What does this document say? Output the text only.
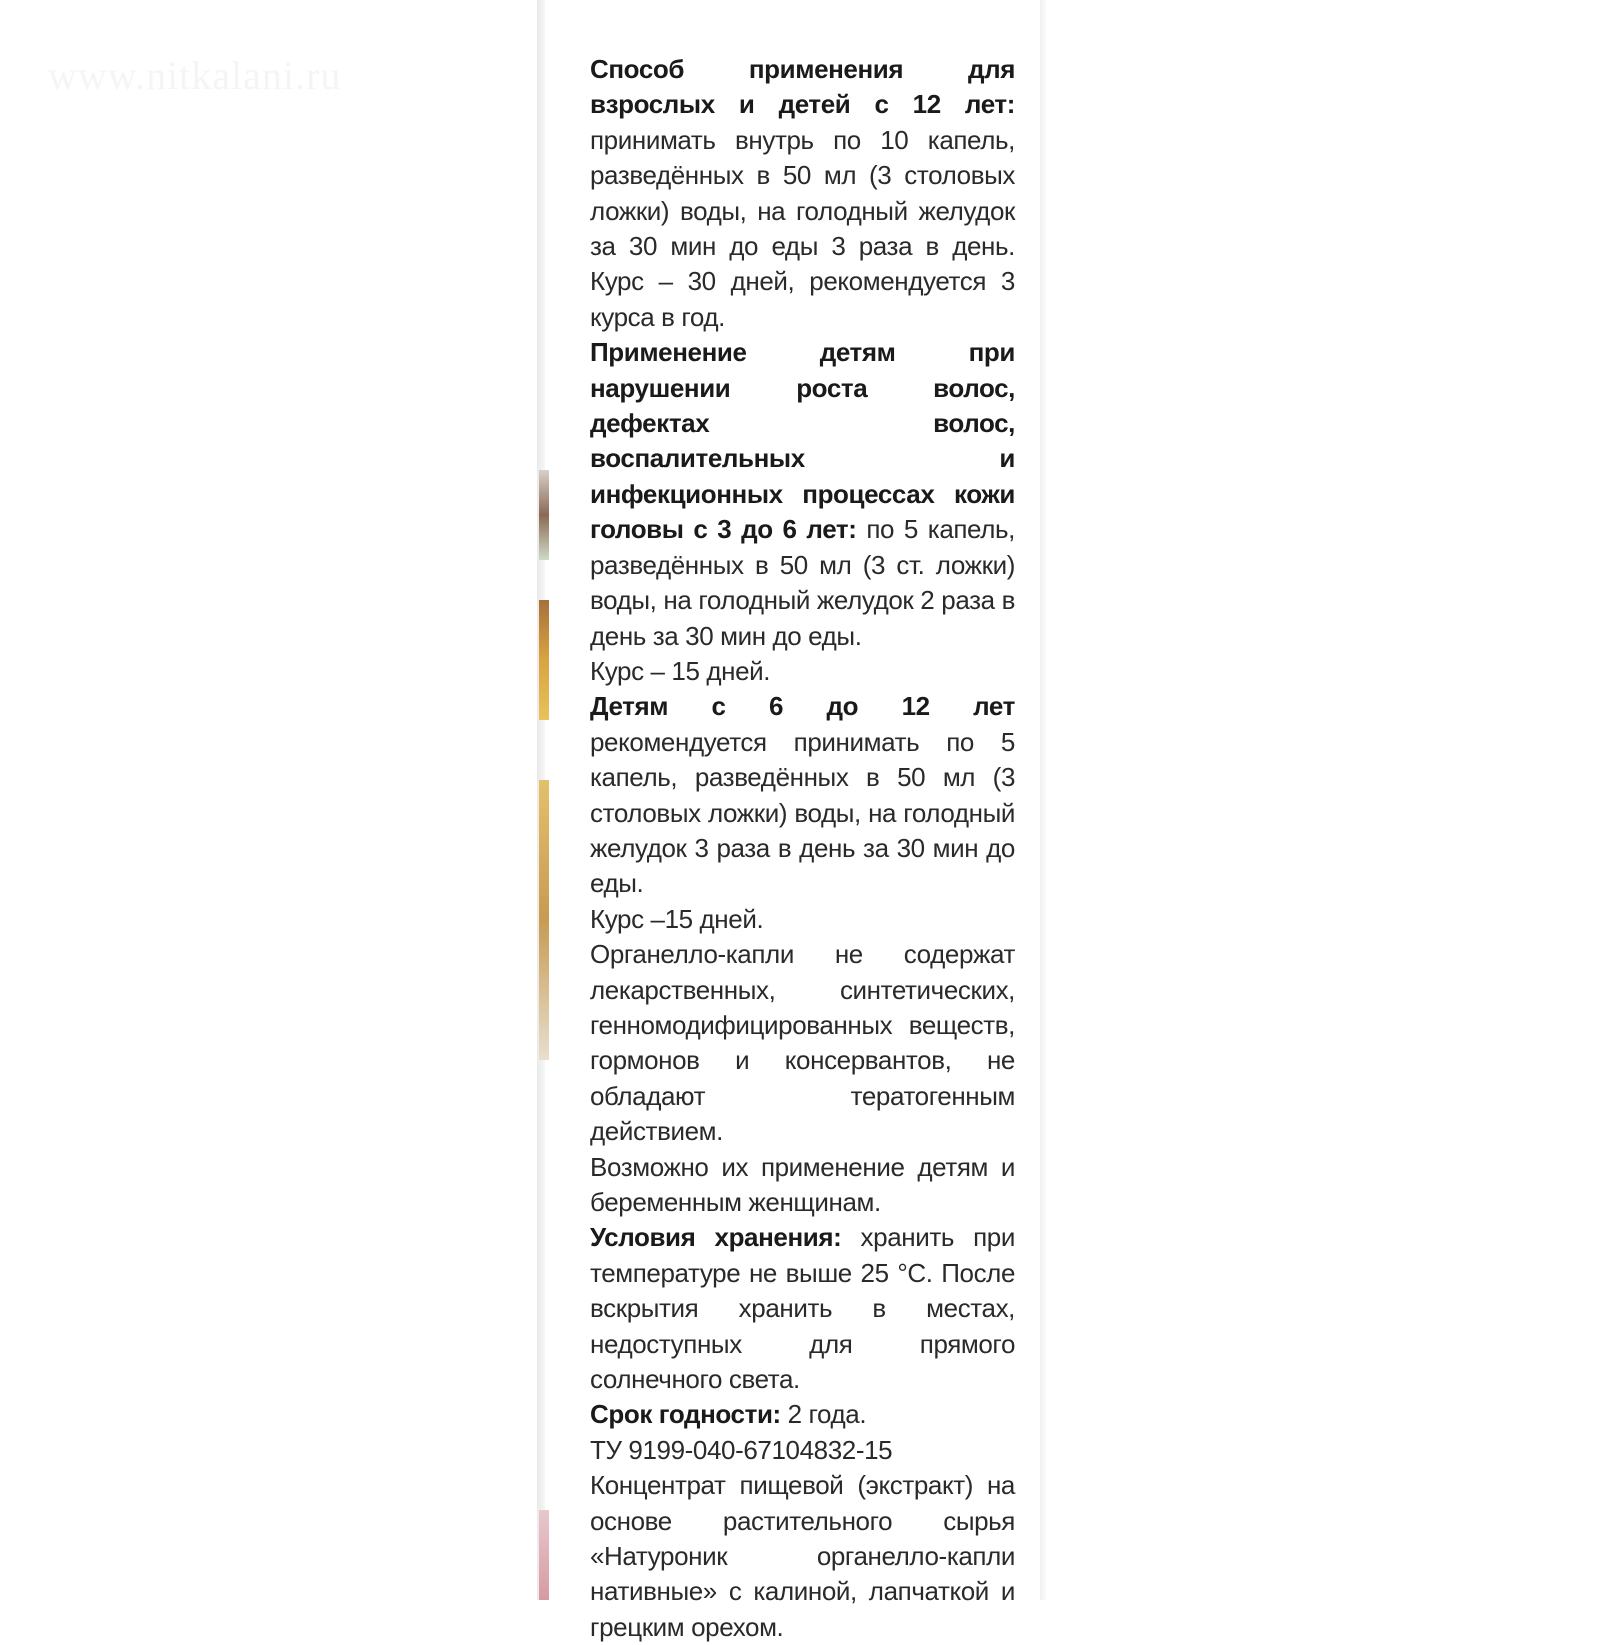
www.nitkalani.ru	Способ применения для взрослых и детей с 12 лет: принимать внутрь по 10 капель, разведённых в 50 мл (3 столовых ложки) воды, на голодный желудок за 30 мин до еды 3 раза в день. Курс – 30 дней, рекомендуется 3 курса в год.

Применение детям при нарушении роста волос, дефектах волос, воспалительных и инфекционных процессах кожи головы с 3 до 6 лет: по 5 капель, разведённых в 50 мл (3 ст. ложки) воды, на голодный желудок 2 раза в день за 30 мин до еды.

Курс – 15 дней.

Детям с 6 до 12 лет рекомендуется принимать по 5 капель, разведённых в 50 мл (3 столовых ложки) воды, на голодный желудок 3 раза в день за 30 мин до еды.

Курс –15 дней.

Органелло-капли не содержат лекарственных, синтетических, генномодифицированных веществ, гормонов и консервантов, не обладают тератогенным действием.

Возможно их применение детям и беременным женщинам.

Условия хранения: хранить при температуре не выше 25 °С. После вскрытия хранить в местах, недоступных для прямого солнечного света.

Срок годности: 2 года.

ТУ 9199-040-67104832-15

Концентрат пищевой (экстракт) на основе растительного сырья «Натуроник органелло-капли нативные» с калиной, лапчаткой и грецким орехом.
